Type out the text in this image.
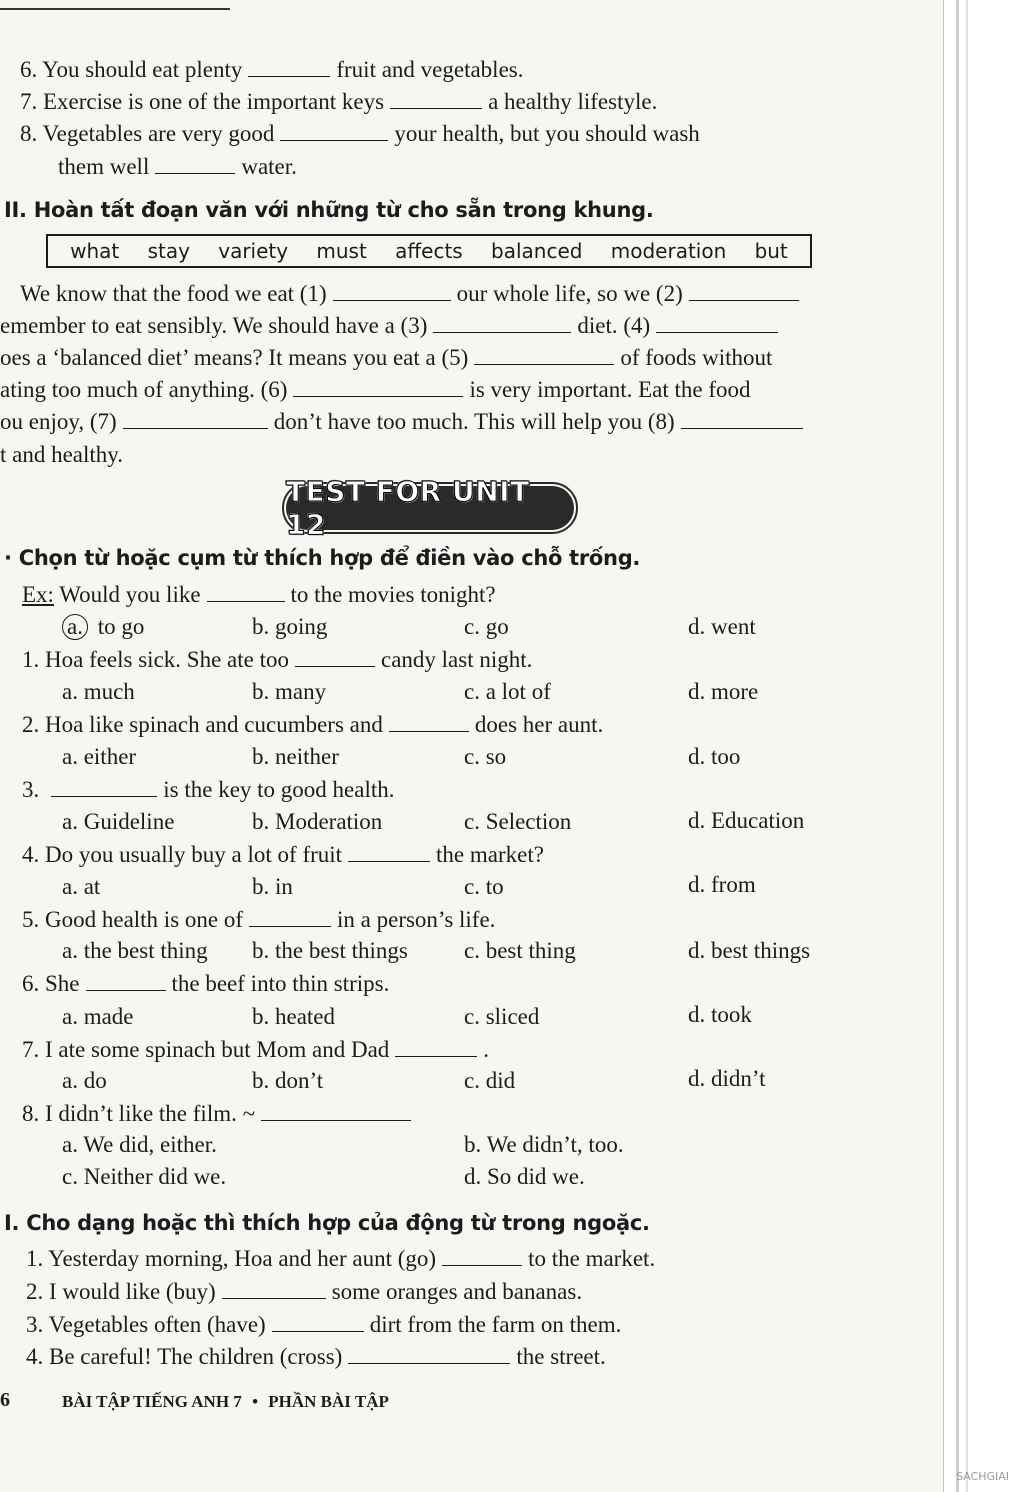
6. You should eat plenty	fruit and vegetables.
7. Exercise is one of the important keys	a healthy lifestyle.
8. Vegetables are very good	your health, but you should wash
them well	water.
II. Hoàn tất đoạn văn với những từ cho sẵn trong khung.
what stay variety must affects balanced moderation but
We know that the food we eat (1)	our whole life, so we (2)
emember to eat sensibly. We should have a (3)	diet. (4)
oes a ‘balanced diet’ means? It means you eat a (5)	of foods without
ating too much of anything. (6)	is very important. Eat the food
ou enjoy, (7)	don’t have too much. This will help you (8)
t and healthy.
TEST FOR UNIT 12
· Chọn từ hoặc cụm từ thích hợp để điền vào chỗ trống.
Ex: Would you like	to the movies tonight?
a. to go	b. going	c. go	d. went
1. Hoa feels sick. She ate too	candy last night.
a. much	b. many	c. a lot of	d. more
2. Hoa like spinach and cucumbers and	does her aunt.
a. either	b. neither	c. so	d. too
3.	is the key to good health.
a. Guideline	b. Moderation	c. Selection	d. Education
4. Do you usually buy a lot of fruit	the market?
a. at	b. in	c. to	d. from
5. Good health is one of	in a person’s life.
a. the best thing b. the best things c. best thing	d. best things
6. She	the beef into thin strips.
a. made	b. heated	c. sliced	d. took
7. I ate some spinach but Mom and Dad	.
a. do	b. don’t	c. did	d. didn’t
8. I didn’t like the film. ~
a. We did, either.	b. We didn’t, too.
c. Neither did we.	d. So did we.
I. Cho dạng hoặc thì thích hợp của động từ trong ngoặc.
1. Yesterday morning, Hoa and her aunt (go)	to the market.
2. I would like (buy)	some oranges and bananas.
3. Vegetables often (have)	dirt from the farm on them.
4. Be careful! The children (cross)	the street.
6	BÀI TẬP TIẾNG ANH 7 • PHẦN BÀI TẬP
SACHGIAI
